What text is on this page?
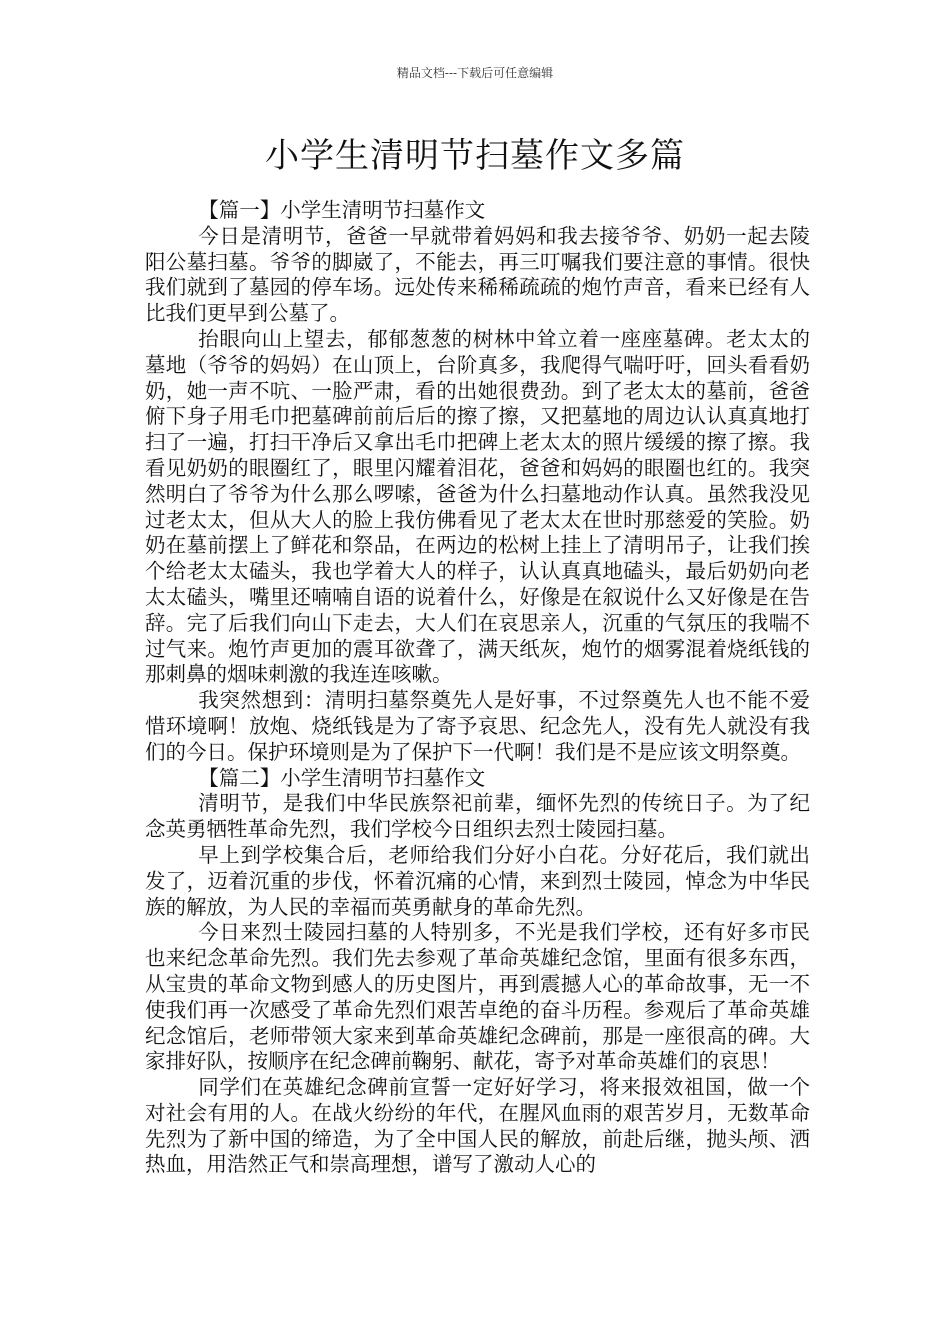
精品文档---下载后可任意编辑
小学生清明节扫墓作文多篇

【篇一】小学生清明节扫墓作文

今日是清明节，爸爸一早就带着妈妈和我去接爷爷、奶奶一起去陵阳公墓扫墓。爷爷的脚崴了，不能去，再三叮嘱我们要注意的事情。很快我们就到了墓园的停车场。远处传来稀稀疏疏的炮竹声音，看来已经有人比我们更早到公墓了。

抬眼向山上望去，郁郁葱葱的树林中耸立着一座座墓碑。老太太的墓地（爷爷的妈妈）在山顶上，台阶真多，我爬得气喘吁吁，回头看看奶奶，她一声不吭、一脸严肃，看的出她很费劲。到了老太太的墓前，爸爸俯下身子用毛巾把墓碑前前后后的擦了擦，又把墓地的周边认认真真地打扫了一遍，打扫干净后又拿出毛巾把碑上老太太的照片缓缓的擦了擦。我看见奶奶的眼圈红了，眼里闪耀着泪花，爸爸和妈妈的眼圈也红的。我突然明白了爷爷为什么那么啰嗦，爸爸为什么扫墓地动作认真。虽然我没见过老太太，但从大人的脸上我仿佛看见了老太太在世时那慈爱的笑脸。奶奶在墓前摆上了鲜花和祭品，在两边的松树上挂上了清明吊子，让我们挨个给老太太磕头，我也学着大人的样子，认认真真地磕头，最后奶奶向老太太磕头，嘴里还喃喃自语的说着什么，好像是在叙说什么又好像是在告辞。完了后我们向山下走去，大人们在哀思亲人，沉重的气氛压的我喘不过气来。炮竹声更加的震耳欲聋了，满天纸灰，炮竹的烟雾混着烧纸钱的那刺鼻的烟味刺激的我连连咳嗽。

我突然想到：清明扫墓祭奠先人是好事，不过祭奠先人也不能不爱惜环境啊！放炮、烧纸钱是为了寄予哀思、纪念先人，没有先人就没有我们的今日。保护环境则是为了保护下一代啊！我们是不是应该文明祭奠。

【篇二】小学生清明节扫墓作文

清明节，是我们中华民族祭祀前辈，缅怀先烈的传统日子。为了纪念英勇牺牲革命先烈，我们学校今日组织去烈士陵园扫墓。

早上到学校集合后，老师给我们分好小白花。分好花后，我们就出发了，迈着沉重的步伐，怀着沉痛的心情，来到烈士陵园，悼念为中华民族的解放，为人民的幸福而英勇献身的革命先烈。

今日来烈士陵园扫墓的人特别多，不光是我们学校，还有好多市民也来纪念革命先烈。我们先去参观了革命英雄纪念馆，里面有很多东西，从宝贵的革命文物到感人的历史图片，再到震撼人心的革命故事，无一不使我们再一次感受了革命先烈们艰苦卓绝的奋斗历程。参观后了革命英雄纪念馆后，老师带领大家来到革命英雄纪念碑前，那是一座很高的碑。大家排好队，按顺序在纪念碑前鞠躬、献花，寄予对革命英雄们的哀思！

同学们在英雄纪念碑前宣誓一定好好学习，将来报效祖国，做一个对社会有用的人。在战火纷纷的年代，在腥风血雨的艰苦岁月，无数革命先烈为了新中国的缔造，为了全中国人民的解放，前赴后继，抛头颅、洒热血，用浩然正气和崇高理想，谱写了激动人心的
